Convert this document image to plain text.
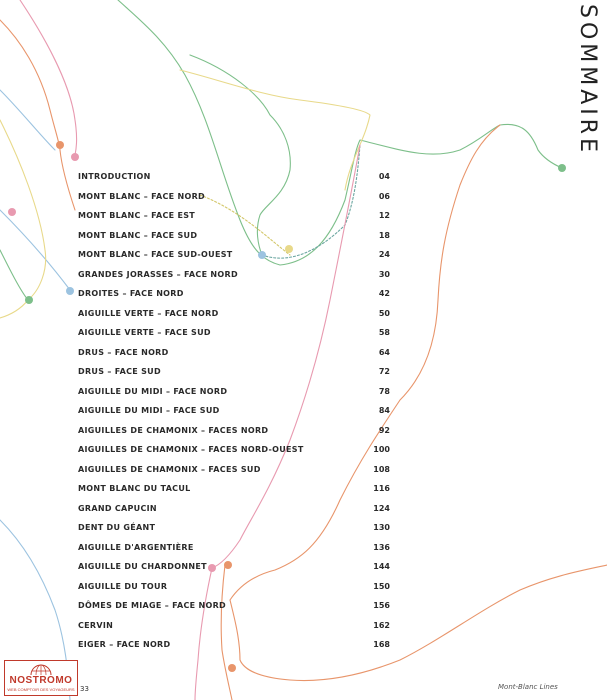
SOMMAIRE
INTRODUCTION	04
MONT BLANC – FACE NORD	06
MONT BLANC – FACE EST	12
MONT BLANC – FACE SUD	18
MONT BLANC – FACE SUD-OUEST	24
GRANDES JORASSES – FACE NORD	30
DROITES – FACE NORD	42
AIGUILLE VERTE – FACE NORD	50
AIGUILLE VERTE – FACE SUD	58
DRUS – FACE NORD	64
DRUS – FACE SUD	72
AIGUILLE DU MIDI – FACE NORD	78
AIGUILLE DU MIDI – FACE SUD	84
AIGUILLES DE CHAMONIX – FACES NORD	92
AIGUILLES DE CHAMONIX – FACES NORD-OUEST	100
AIGUILLES DE CHAMONIX – FACES SUD	108
MONT BLANC DU TACUL	116
GRAND CAPUCIN	124
DENT DU GÉANT	130
AIGUILLE D'ARGENTIÈRE	136
AIGUILLE DU CHARDONNET	144
AIGUILLE DU TOUR	150
DÔMES DE MIAGE – FACE NORD	156
CERVIN	162
EIGER – FACE NORD	168
NOSTROMO
WEB COMPTOIR DES VOYAGEURS 33	Mont-Blanc Lines
